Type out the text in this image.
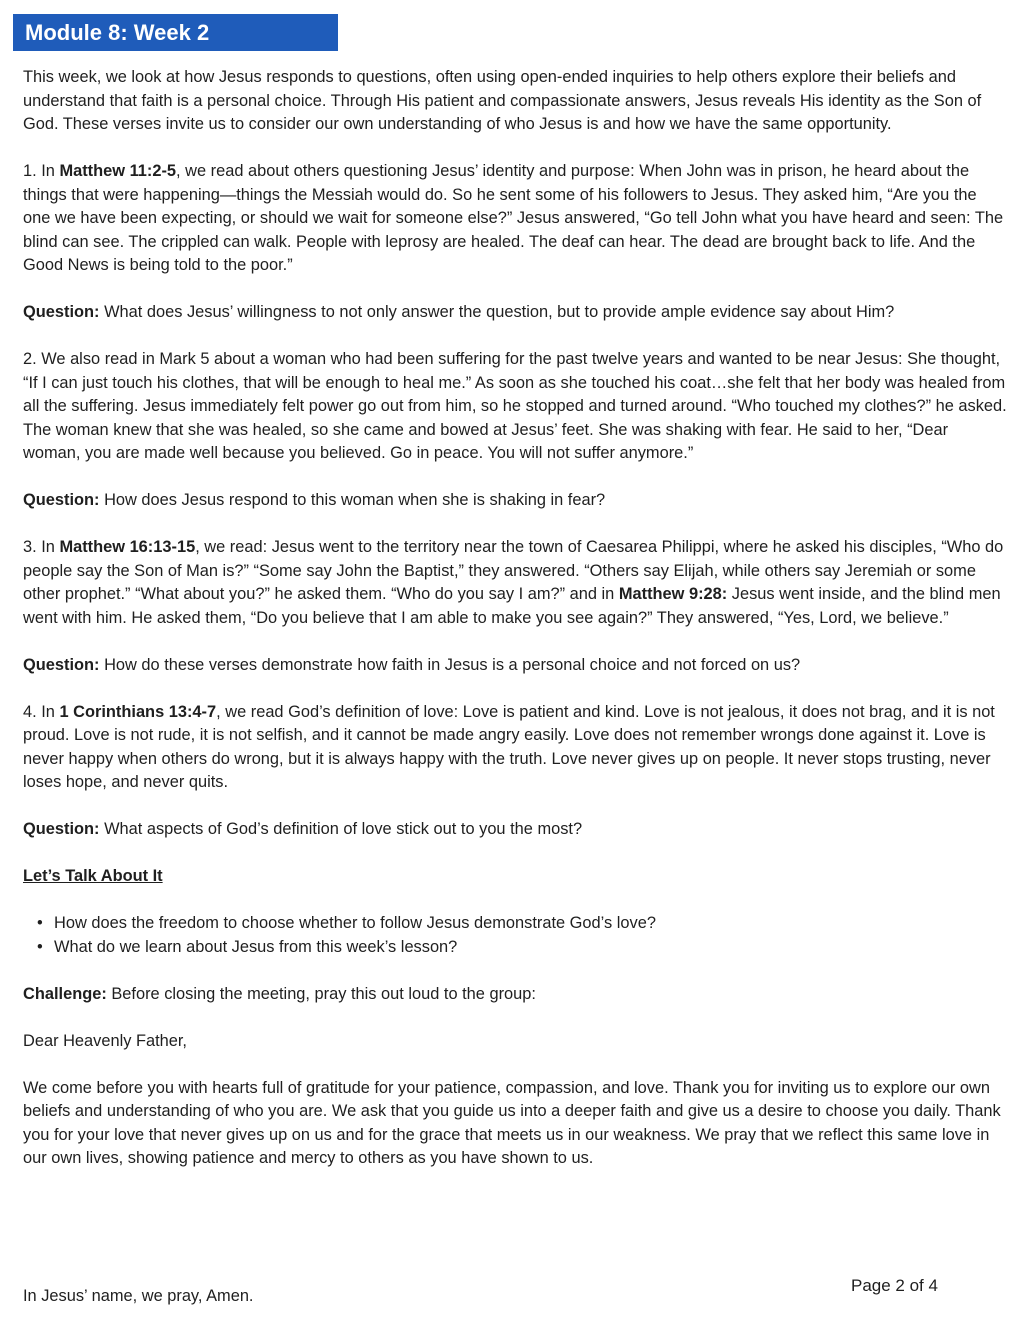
Module 8: Week 2

This week, we look at how Jesus responds to questions, often using open-ended inquiries to help others explore their beliefs and understand that faith is a personal choice. Through His patient and compassionate answers, Jesus reveals His identity as the Son of God. These verses invite us to consider our own understanding of who Jesus is and how we have the same opportunity.

1. In Matthew 11:2-5, we read about others questioning Jesus’ identity and purpose: When John was in prison, he heard about the things that were happening—things the Messiah would do. So he sent some of his followers to Jesus. They asked him, “Are you the one we have been expecting, or should we wait for someone else?” Jesus answered, “Go tell John what you have heard and seen: The blind can see. The crippled can walk. People with leprosy are healed. The deaf can hear. The dead are brought back to life. And the Good News is being told to the poor.”

Question: What does Jesus’ willingness to not only answer the question, but to provide ample evidence say about Him?

2. We also read in Mark 5 about a woman who had been suffering for the past twelve years and wanted to be near Jesus: She thought, “If I can just touch his clothes, that will be enough to heal me.” As soon as she touched his coat…she felt that her body was healed from all the suffering. Jesus immediately felt power go out from him, so he stopped and turned around. “Who touched my clothes?” he asked. The woman knew that she was healed, so she came and bowed at Jesus’ feet. She was shaking with fear. He said to her, “Dear woman, you are made well because you believed. Go in peace. You will not suffer anymore.”

Question: How does Jesus respond to this woman when she is shaking in fear?

3. In Matthew 16:13-15, we read: Jesus went to the territory near the town of Caesarea Philippi, where he asked his disciples, “Who do people say the Son of Man is?” “Some say John the Baptist,” they answered. “Others say Elijah, while others say Jeremiah or some other prophet.” “What about you?” he asked them. “Who do you say I am?” and in Matthew 9:28: Jesus went inside, and the blind men went with him. He asked them, “Do you believe that I am able to make you see again?” They answered, “Yes, Lord, we believe.”

Question: How do these verses demonstrate how faith in Jesus is a personal choice and not forced on us?

4. In 1 Corinthians 13:4-7, we read God’s definition of love: Love is patient and kind. Love is not jealous, it does not brag, and it is not proud. Love is not rude, it is not selfish, and it cannot be made angry easily. Love does not remember wrongs done against it. Love is never happy when others do wrong, but it is always happy with the truth. Love never gives up on people. It never stops trusting, never loses hope, and never quits.

Question: What aspects of God’s definition of love stick out to you the most?

Let’s Talk About It

• How does the freedom to choose whether to follow Jesus demonstrate God’s love?
• What do we learn about Jesus from this week’s lesson?

Challenge: Before closing the meeting, pray this out loud to the group:

Dear Heavenly Father,

We come before you with hearts full of gratitude for your patience, compassion, and love. Thank you for inviting us to explore our own beliefs and understanding of who you are. We ask that you guide us into a deeper faith and give us a desire to choose you daily. Thank you for your love that never gives up on us and for the grace that meets us in our weakness. We pray that we reflect this same love in our own lives, showing patience and mercy to others as you have shown to us.

Page 2 of 4
In Jesus’ name, we pray, Amen.
